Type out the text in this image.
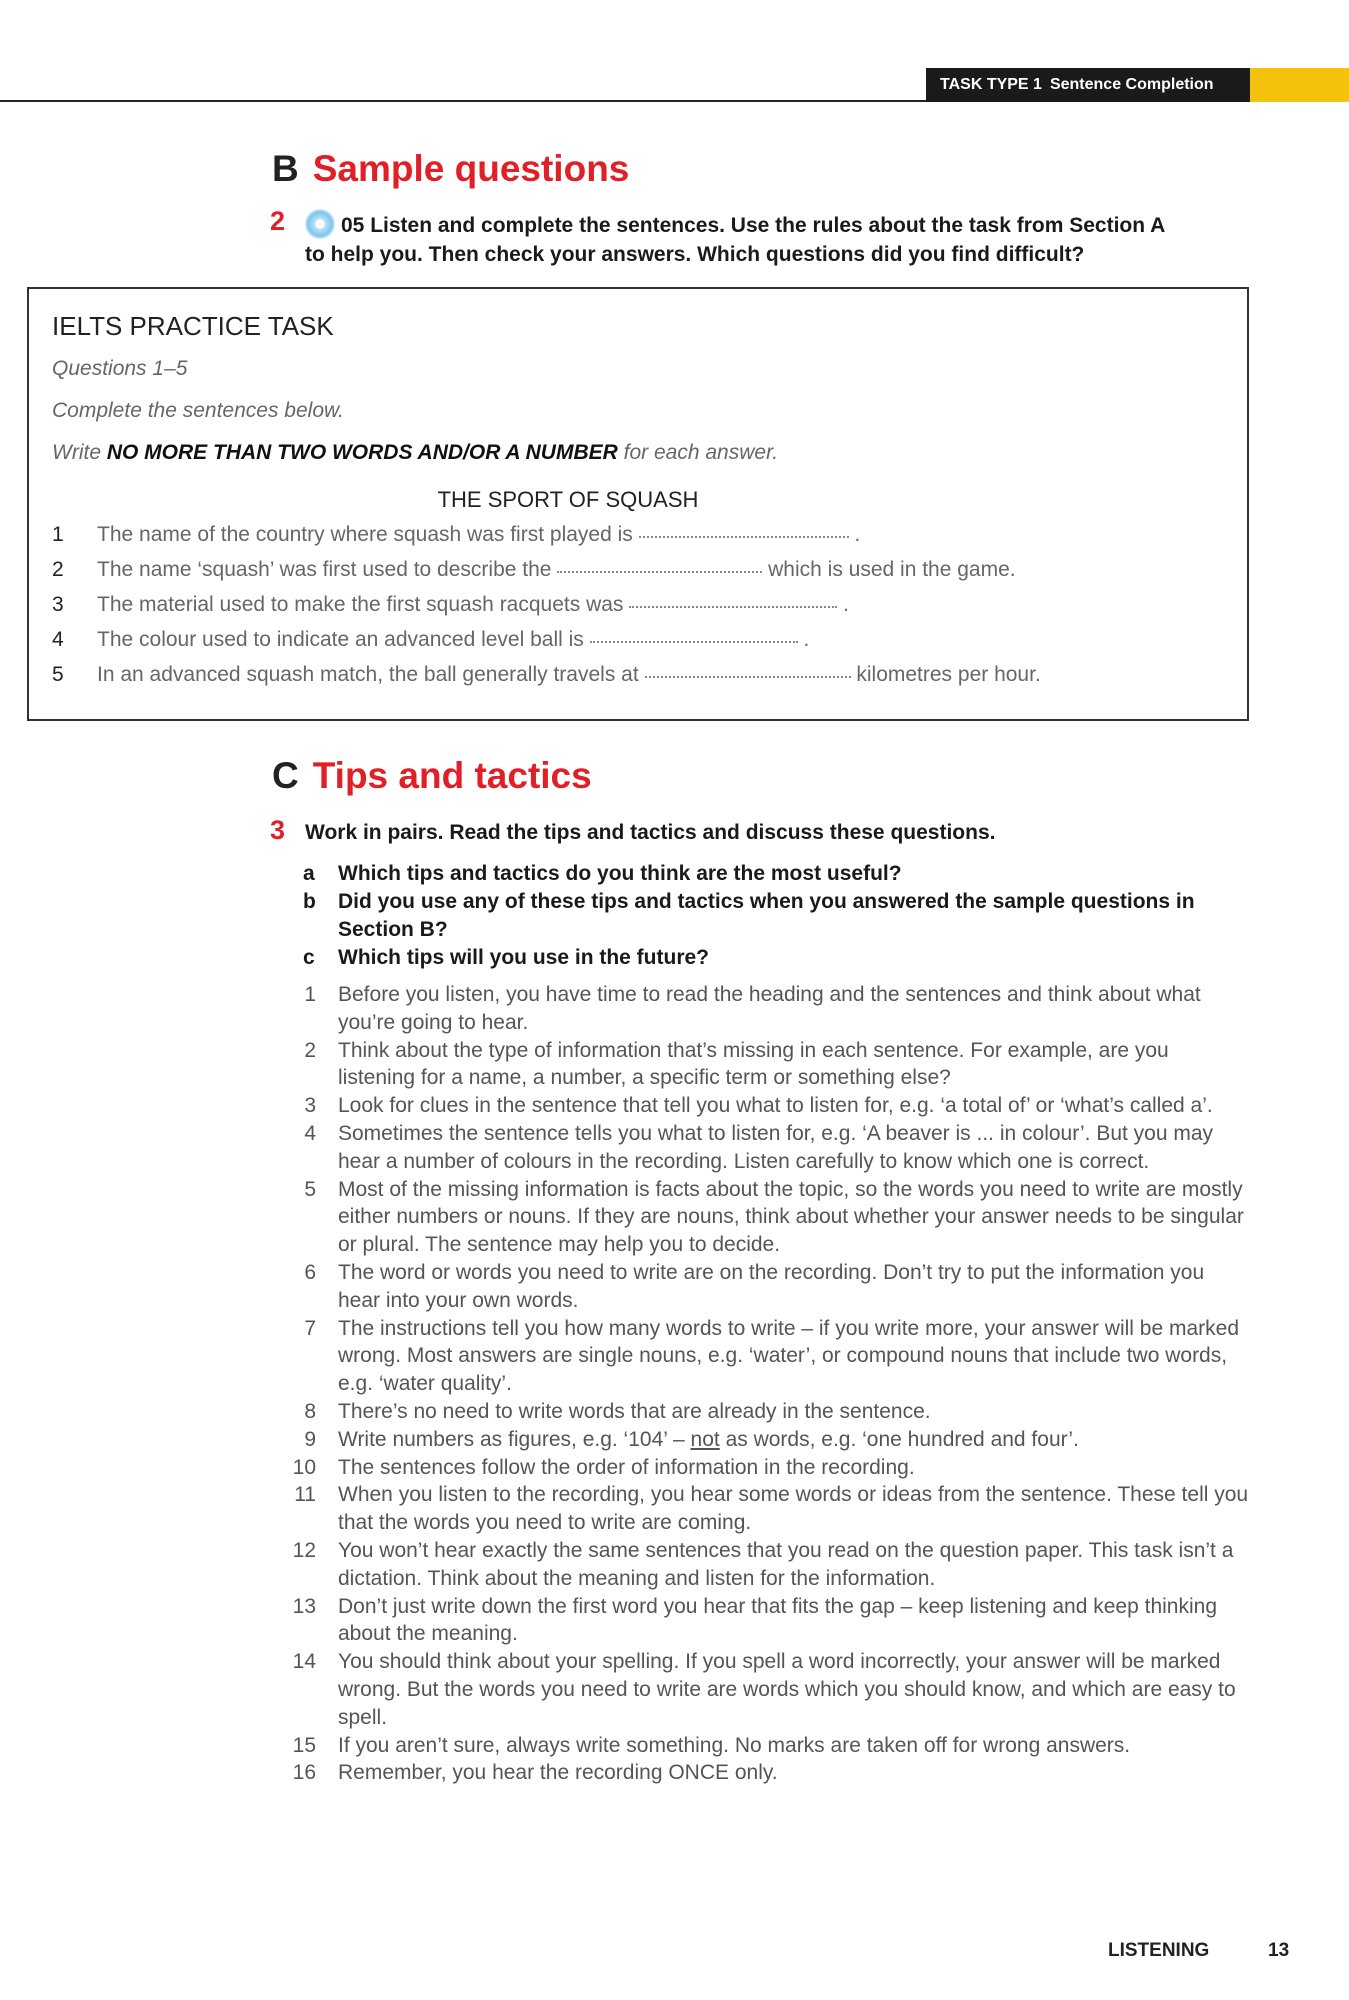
TASK TYPE 1 Sentence Completion
B Sample questions
2	05 Listen and complete the sentences. Use the rules about the task from Section A
to help you. Then check your answers. Which questions did you find difficult?
IELTS PRACTICE TASK
Questions 1–5
Complete the sentences below.
Write NO MORE THAN TWO WORDS AND/OR A NUMBER for each answer.
THE SPORT OF SQUASH
1 The name of the country where squash was first played is	.
2 The name ‘squash’ was first used to describe the	which is used in the game.
3 The material used to make the first squash racquets was	.
4 The colour used to indicate an advanced level ball is	.
5 In an advanced squash match, the ball generally travels at	kilometres per hour.
C Tips and tactics
3 Work in pairs. Read the tips and tactics and discuss these questions.
a Which tips and tactics do you think are the most useful?
b Did you use any of these tips and tactics when you answered the sample questions in Section B?
c Which tips will you use in the future?
1 Before you listen, you have time to read the heading and the sentences and think about what you’re going to hear.
2 Think about the type of information that’s missing in each sentence. For example, are you listening for a name, a number, a specific term or something else?
3 Look for clues in the sentence that tell you what to listen for, e.g. ‘a total of’ or ‘what’s called a’.
4 Sometimes the sentence tells you what to listen for, e.g. ‘A beaver is ... in colour’. But you may hear a number of colours in the recording. Listen carefully to know which one is correct.
5 Most of the missing information is facts about the topic, so the words you need to write are mostly either numbers or nouns. If they are nouns, think about whether your answer needs to be singular or plural. The sentence may help you to decide.
6 The word or words you need to write are on the recording. Don’t try to put the information you hear into your own words.
7 The instructions tell you how many words to write – if you write more, your answer will be marked wrong. Most answers are single nouns, e.g. ‘water’, or compound nouns that include two words, e.g. ‘water quality’.
8 There’s no need to write words that are already in the sentence.
9 Write numbers as figures, e.g. ‘104’ – not as words, e.g. ‘one hundred and four’.
10 The sentences follow the order of information in the recording.
11 When you listen to the recording, you hear some words or ideas from the sentence. These tell you that the words you need to write are coming.
12 You won’t hear exactly the same sentences that you read on the question paper. This task isn’t a dictation. Think about the meaning and listen for the information.
13 Don’t just write down the first word you hear that fits the gap – keep listening and keep thinking about the meaning.
14 You should think about your spelling. If you spell a word incorrectly, your answer will be marked wrong. But the words you need to write are words which you should know, and which are easy to spell.
15 If you aren’t sure, always write something. No marks are taken off for wrong answers.
16 Remember, you hear the recording ONCE only.
LISTENING	13
